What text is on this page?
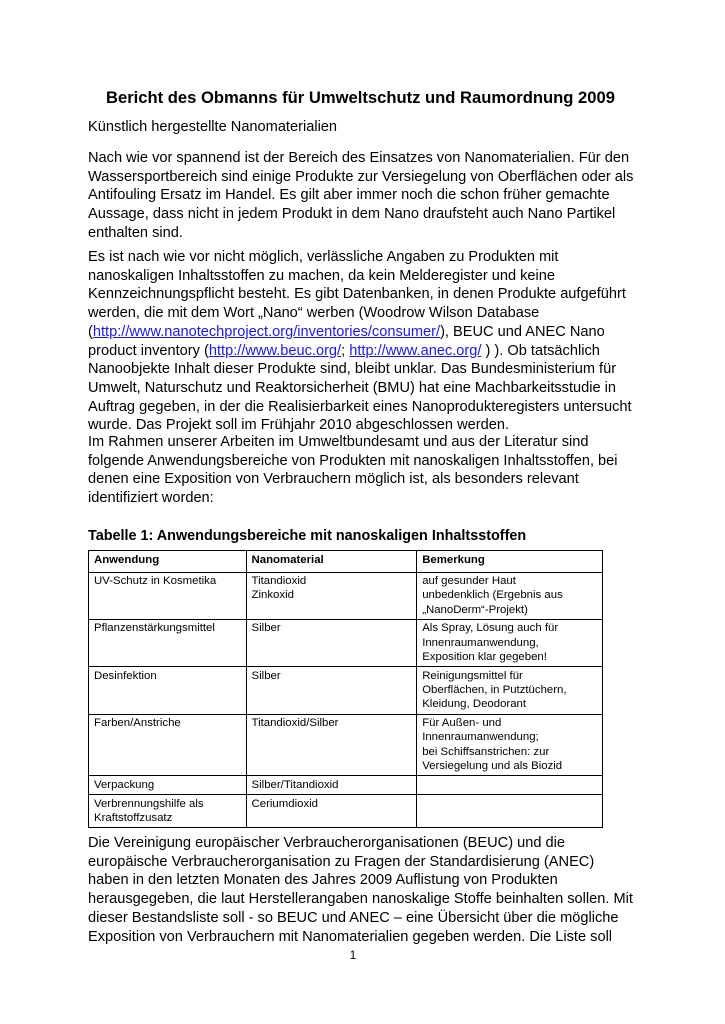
Bericht des Obmanns für Umweltschutz und Raumordnung 2009
Künstlich hergestellte Nanomaterialien
Nach wie vor spannend ist der Bereich des Einsatzes von Nanomaterialien. Für den
Wassersportbereich sind einige Produkte zur Versiegelung von Oberflächen oder als
Antifouling Ersatz im Handel. Es gilt aber immer noch die schon früher gemachte
Aussage, dass nicht in jedem Produkt in dem Nano draufsteht auch Nano Partikel
enthalten sind.
Es ist nach wie vor nicht möglich, verlässliche Angaben zu Produkten mit
nanoskaligen Inhaltsstoffen zu machen, da kein Melderegister und keine
Kennzeichnungspflicht besteht. Es gibt Datenbanken, in denen Produkte aufgeführt
werden, die mit dem Wort „Nano“ werben (Woodrow Wilson Database
(http://www.nanotechproject.org/inventories/consumer/), BEUC und ANEC Nano
product inventory (http://www.beuc.org/; http://www.anec.org/ ) ). Ob tatsächlich
Nanoobjekte Inhalt dieser Produkte sind, bleibt unklar. Das Bundesministerium für
Umwelt, Naturschutz und Reaktorsicherheit (BMU) hat eine Machbarkeitsstudie in
Auftrag gegeben, in der die Realisierbarkeit eines Nanoprodukteregisters untersucht
wurde. Das Projekt soll im Frühjahr 2010 abgeschlossen werden.
Im Rahmen unserer Arbeiten im Umweltbundesamt und aus der Literatur sind
folgende Anwendungsbereiche von Produkten mit nanoskaligen Inhaltsstoffen, bei
denen eine Exposition von Verbrauchern möglich ist, als besonders relevant
identifiziert worden:
Tabelle 1: Anwendungsbereiche mit nanoskaligen Inhaltsstoffen
Anwendung	Nanomaterial	Bemerkung

UV-Schutz in Kosmetika	Titandioxid
Zinkoxid	auf gesunder Haut
unbedenklich (Ergebnis aus
„NanoDerm“-Projekt)

Pflanzenstärkungsmittel	Silber	Als Spray, Lösung auch für
Innenraumanwendung,
Exposition klar gegeben!

Desinfektion	Silber	Reinigungsmittel für
Oberflächen, in Putztüchern,
Kleidung, Deodorant

Farben/Anstriche	Titandioxid/Silber	Für Außen- und
Innenraumanwendung;
bei Schiffsanstrichen: zur
Versiegelung und als Biozid

Verpackung	Silber/Titandioxid	

Verbrennungshilfe als
Kraftstoffzusatz	Ceriumdioxid	

Die Vereinigung europäischer Verbraucherorganisationen (BEUC) und die
europäische Verbraucherorganisation zu Fragen der Standardisierung (ANEC)
haben in den letzten Monaten des Jahres 2009 Auflistung von Produkten
herausgegeben, die laut Herstellerangaben nanoskalige Stoffe beinhalten sollen. Mit
dieser Bestandsliste soll - so BEUC und ANEC – eine Übersicht über die mögliche
Exposition von Verbrauchern mit Nanomaterialien gegeben werden. Die Liste soll
1
